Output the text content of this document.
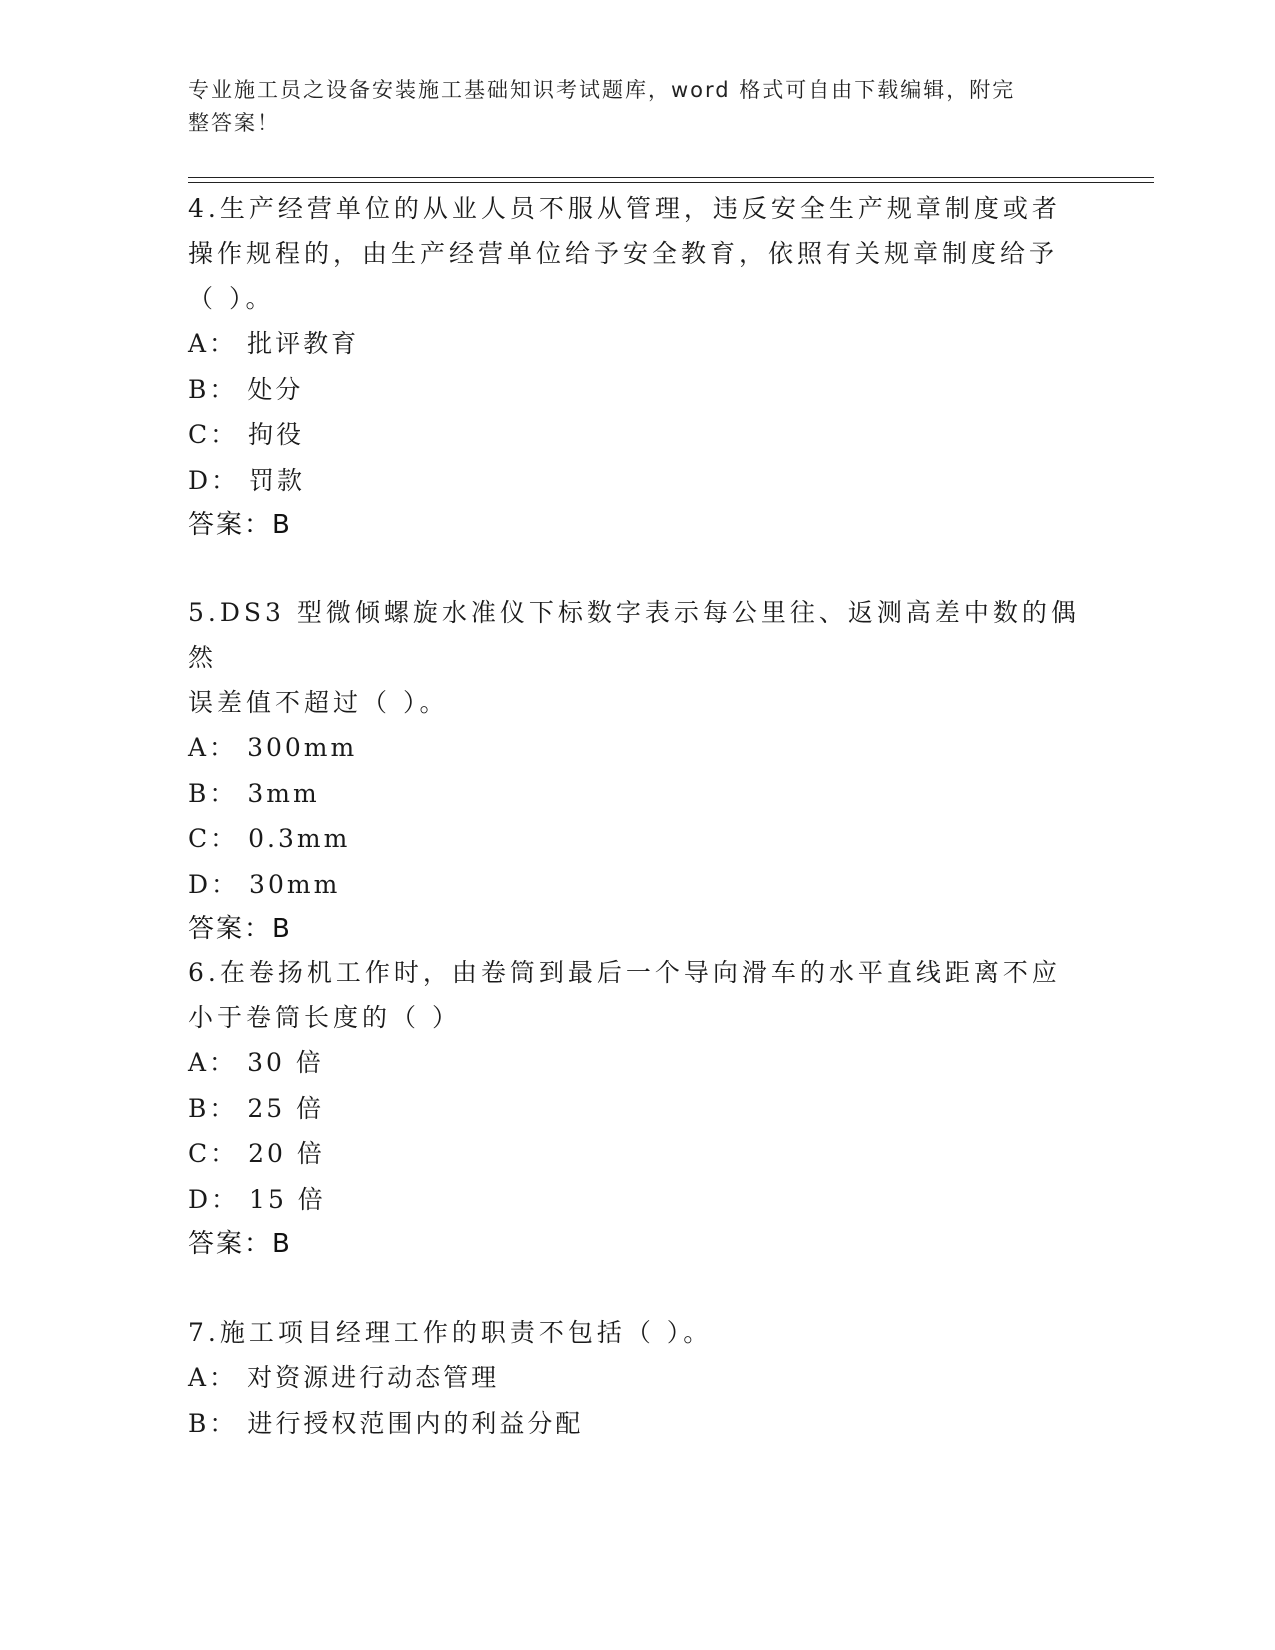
专业施工员之设备安装施工基础知识考试题库，word 格式可自由下载编辑，附完
整答案！
4.生产经营单位的从业人员不服从管理，违反安全生产规章制度或者
操作规程的，由生产经营单位给予安全教育，依照有关规章制度给予
（ ）。
A： 批评教育
B： 处分
C： 拘役
D： 罚款
答案：B
5.DS3 型微倾螺旋水准仪下标数字表示每公里往、返测高差中数的偶然
误差值不超过（ ）。
A： 300mm
B： 3mm
C： 0.3mm
D： 30mm
答案：B
6.在卷扬机工作时，由卷筒到最后一个导向滑车的水平直线距离不应
小于卷筒长度的（ ）
A： 30 倍
B： 25 倍
C： 20 倍
D： 15 倍
答案：B
7.施工项目经理工作的职责不包括（ ）。
A： 对资源进行动态管理
B： 进行授权范围内的利益分配
